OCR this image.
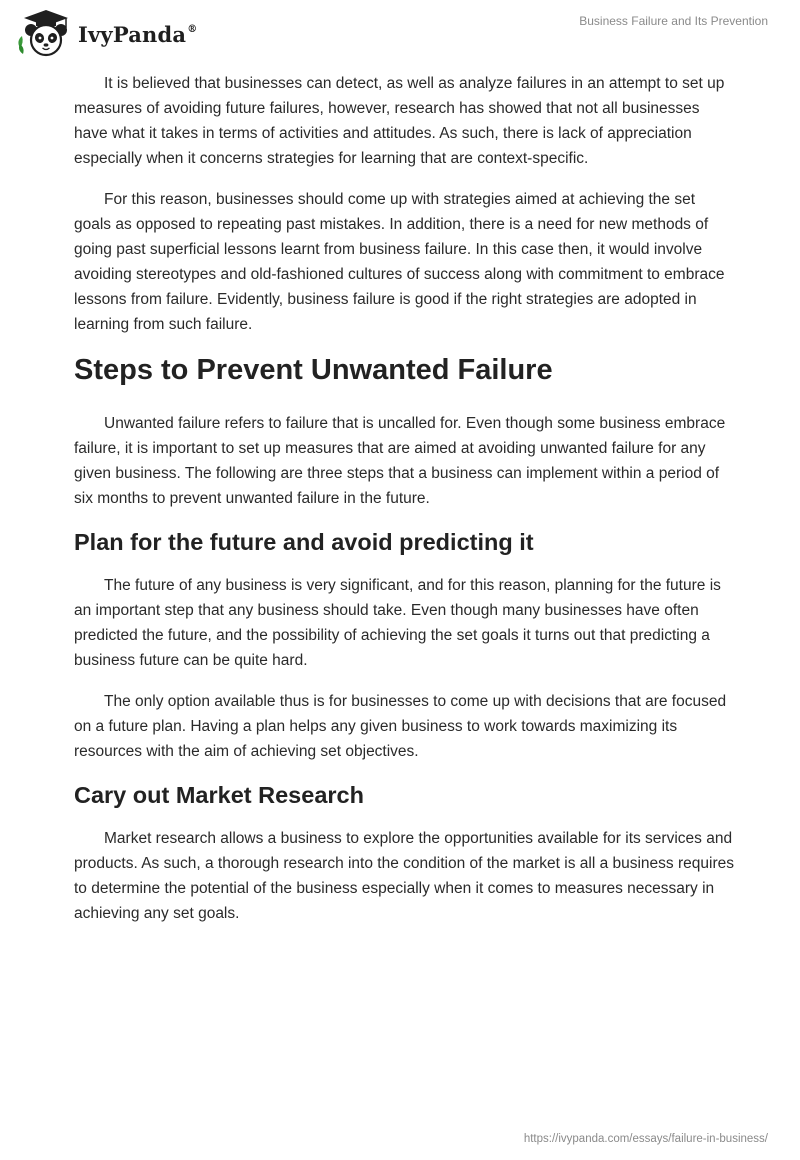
IvyPanda®
Business Failure and Its Prevention

It is believed that businesses can detect, as well as analyze failures in an attempt to set up measures of avoiding future failures, however, research has showed that not all businesses have what it takes in terms of activities and attitudes. As such, there is lack of appreciation especially when it concerns strategies for learning that are context-specific.

For this reason, businesses should come up with strategies aimed at achieving the set goals as opposed to repeating past mistakes. In addition, there is a need for new methods of going past superficial lessons learnt from business failure. In this case then, it would involve avoiding stereotypes and old-fashioned cultures of success along with commitment to embrace lessons from failure. Evidently, business failure is good if the right strategies are adopted in learning from such failure.

Steps to Prevent Unwanted Failure

Unwanted failure refers to failure that is uncalled for. Even though some business embrace failure, it is important to set up measures that are aimed at avoiding unwanted failure for any given business. The following are three steps that a business can implement within a period of six months to prevent unwanted failure in the future.

Plan for the future and avoid predicting it

The future of any business is very significant, and for this reason, planning for the future is an important step that any business should take. Even though many businesses have often predicted the future, and the possibility of achieving the set goals it turns out that predicting a business future can be quite hard.

The only option available thus is for businesses to come up with decisions that are focused on a future plan. Having a plan helps any given business to work towards maximizing its resources with the aim of achieving set objectives.

Cary out Market Research

Market research allows a business to explore the opportunities available for its services and products. As such, a thorough research into the condition of the market is all a business requires to determine the potential of the business especially when it comes to measures necessary in achieving any set goals.

https://ivypanda.com/essays/failure-in-business/
